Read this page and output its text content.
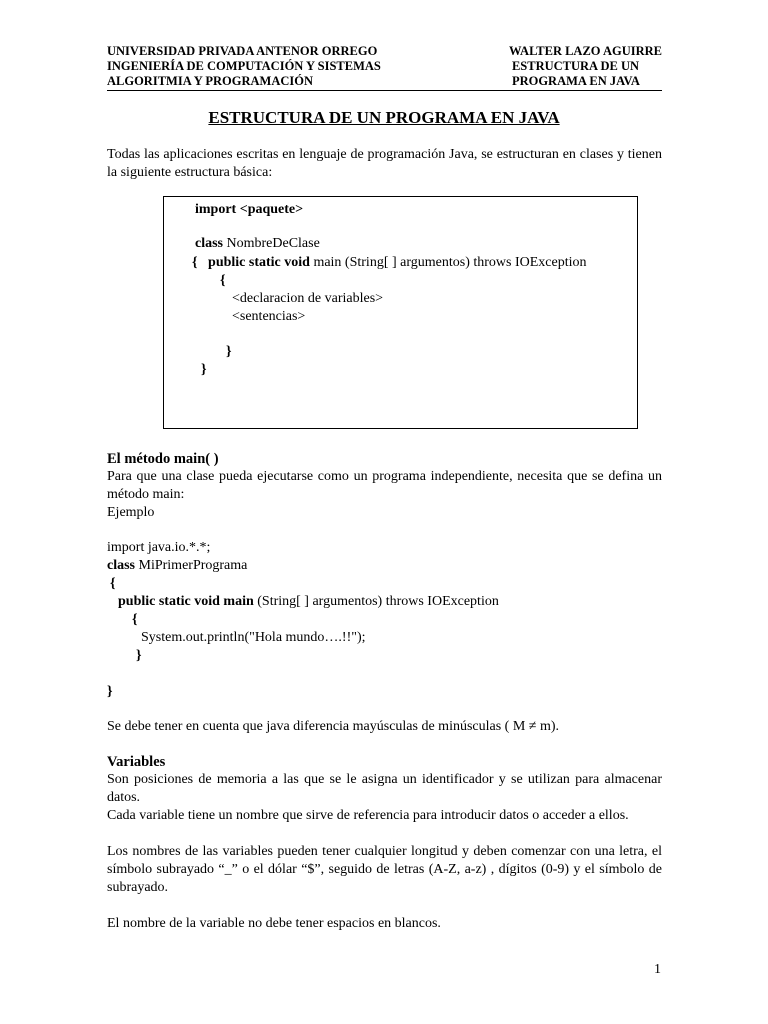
UNIVERSIDAD PRIVADA ANTENOR ORREGO
INGENIERÍA DE COMPUTACIÓN Y SISTEMAS
ALGORITMIA Y PROGRAMACIÓN
WALTER LAZO AGUIRRE
ESTRUCTURA DE UN
PROGRAMA EN JAVA
ESTRUCTURA DE UN PROGRAMA EN JAVA
Todas las aplicaciones escritas en lenguaje de programación Java, se estructuran en clases y tienen la siguiente estructura básica:
import <paquete>
class NombreDeClase
{ public static void main (String[ ] argumentos) throws IOException
{
<declaracion de variables>
<sentencias>
}
}
El método main( )
Para que una clase pueda ejecutarse como un programa independiente, necesita que se defina un método main:
Ejemplo
import java.io.*.*;
class MiPrimerPrograma
{
public static void main (String[ ] argumentos) throws IOException
{
System.out.println("Hola mundo….!!");
}
}
Se debe tener en cuenta que java diferencia mayúsculas de minúsculas ( M ≠ m).
Variables
Son posiciones de memoria a las que se le asigna un identificador y se utilizan para almacenar datos.
Cada variable tiene un nombre que sirve de referencia para introducir datos o acceder a ellos.
Los nombres de las variables pueden tener cualquier longitud y deben comenzar con una letra, el símbolo subrayado “_” o el dólar “$”, seguido de letras (A-Z, a-z) , dígitos (0-9) y el símbolo de subrayado.
El nombre de la variable no debe tener espacios en blancos.
1
